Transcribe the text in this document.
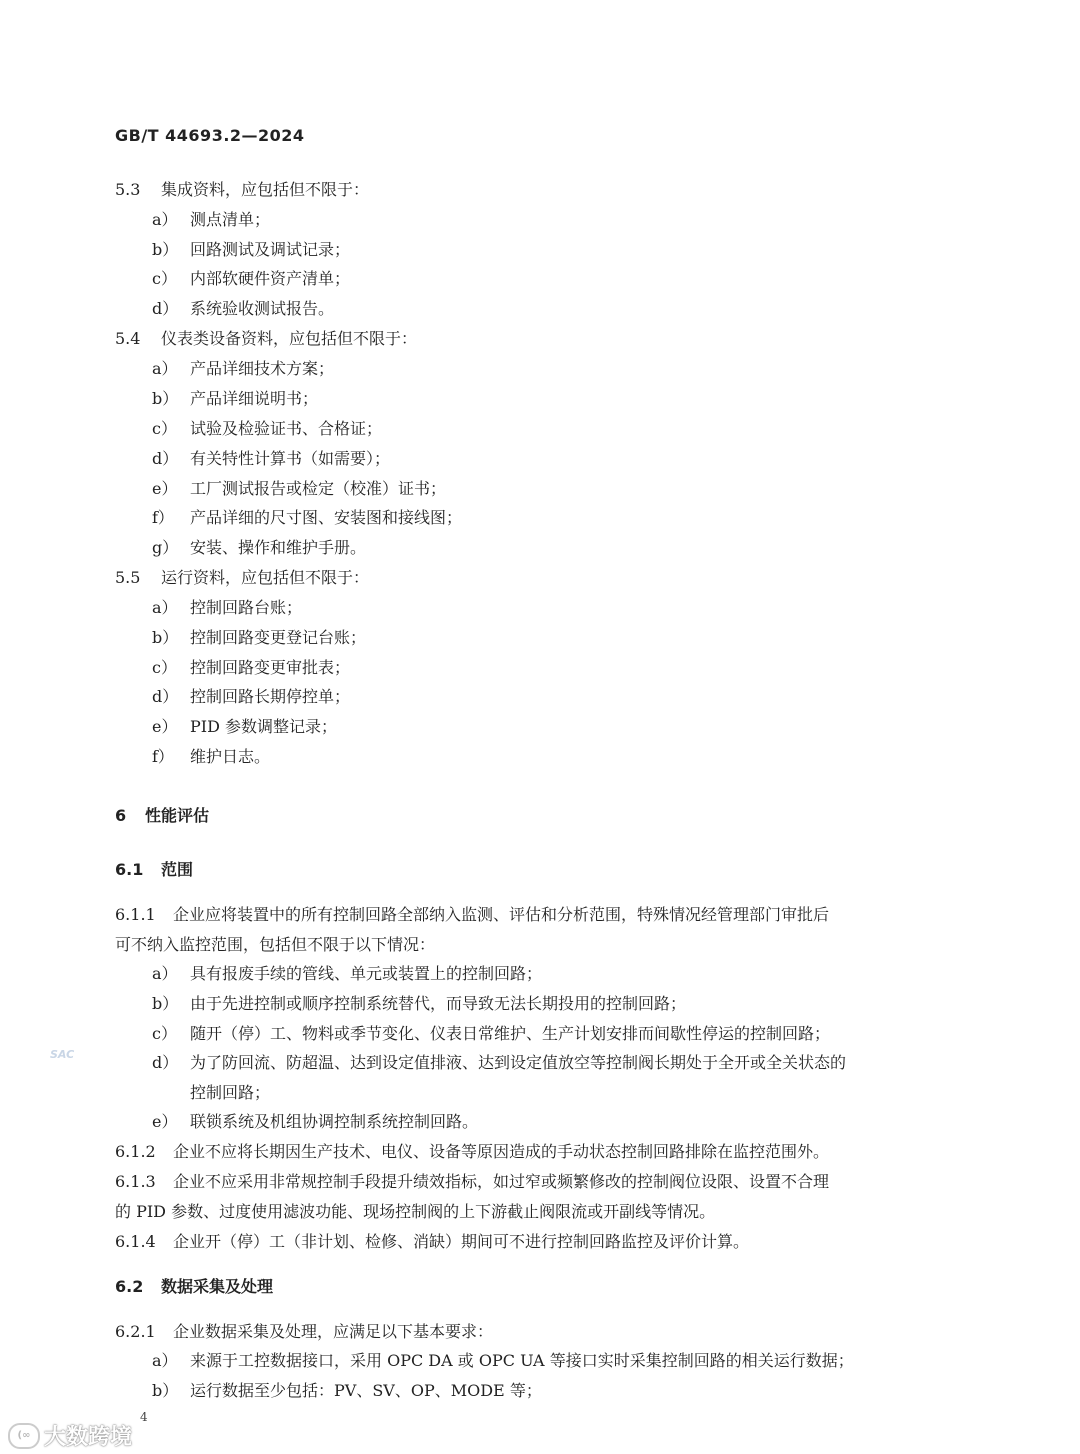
GB/T 44693.2—2024
5.3 集成资料，应包括但不限于：
a） 测点清单；
b） 回路测试及调试记录；
c） 内部软硬件资产清单；
d） 系统验收测试报告。
5.4 仪表类设备资料，应包括但不限于：
a） 产品详细技术方案；
b） 产品详细说明书；
c） 试验及检验证书、合格证；
d） 有关特性计算书（如需要）；
e） 工厂测试报告或检定（校准）证书；
f） 产品详细的尺寸图、安装图和接线图；
g） 安装、操作和维护手册。
5.5 运行资料，应包括但不限于：
a） 控制回路台账；
b） 控制回路变更登记台账；
c） 控制回路变更审批表；
d） 控制回路长期停控单；
e） PID 参数调整记录；
f） 维护日志。
6 性能评估
6.1 范围
6.1.1 企业应将装置中的所有控制回路全部纳入监测、评估和分析范围，特殊情况经管理部门审批后
可不纳入监控范围，包括但不限于以下情况：
a） 具有报废手续的管线、单元或装置上的控制回路；
b） 由于先进控制或顺序控制系统替代，而导致无法长期投用的控制回路；
c） 随开（停）工、物料或季节变化、仪表日常维护、生产计划安排而间歇性停运的控制回路；
d） 为了防回流、防超温、达到设定值排液、达到设定值放空等控制阀长期处于全开或全关状态的
控制回路；
e） 联锁系统及机组协调控制系统控制回路。
6.1.2 企业不应将长期因生产技术、电仪、设备等原因造成的手动状态控制回路排除在监控范围外。
6.1.3 企业不应采用非常规控制手段提升绩效指标，如过窄或频繁修改的控制阀位设限、设置不合理
的 PID 参数、过度使用滤波功能、现场控制阀的上下游截止阀限流或开副线等情况。
6.1.4 企业开（停）工（非计划、检修、消缺）期间可不进行控制回路监控及评价计算。
6.2 数据采集及处理
6.2.1 企业数据采集及处理，应满足以下基本要求：
a） 来源于工控数据接口，采用 OPC DA 或 OPC UA 等接口实时采集控制回路的相关运行数据；
b） 运行数据至少包括：PV、SV、OP、MODE 等；
SAC
4
(∞ 大数跨境
